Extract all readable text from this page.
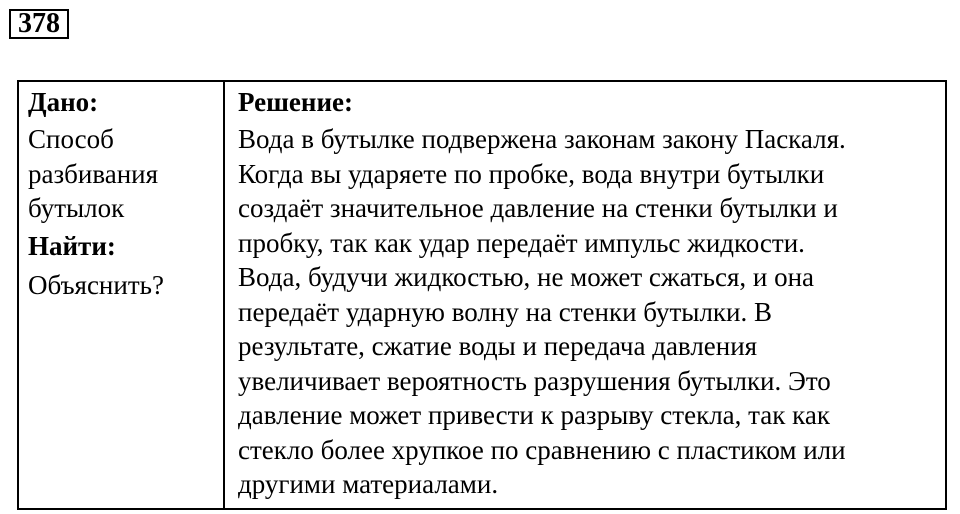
378
Дано:
Способ
разбивания
бутылок
Найти:
Объяснить?
Решение:
Вода в бутылке подвержена законам закону Паскаля.
Когда вы ударяете по пробке, вода внутри бутылки
создаёт значительное давление на стенки бутылки и
пробку, так как удар передаёт импульс жидкости.
Вода, будучи жидкостью, не может сжаться, и она
передаёт ударную волну на стенки бутылки. В
результате, сжатие воды и передача давления
увеличивает вероятность разрушения бутылки. Это
давление может привести к разрыву стекла, так как
стекло более хрупкое по сравнению с пластиком или
другими материалами.
